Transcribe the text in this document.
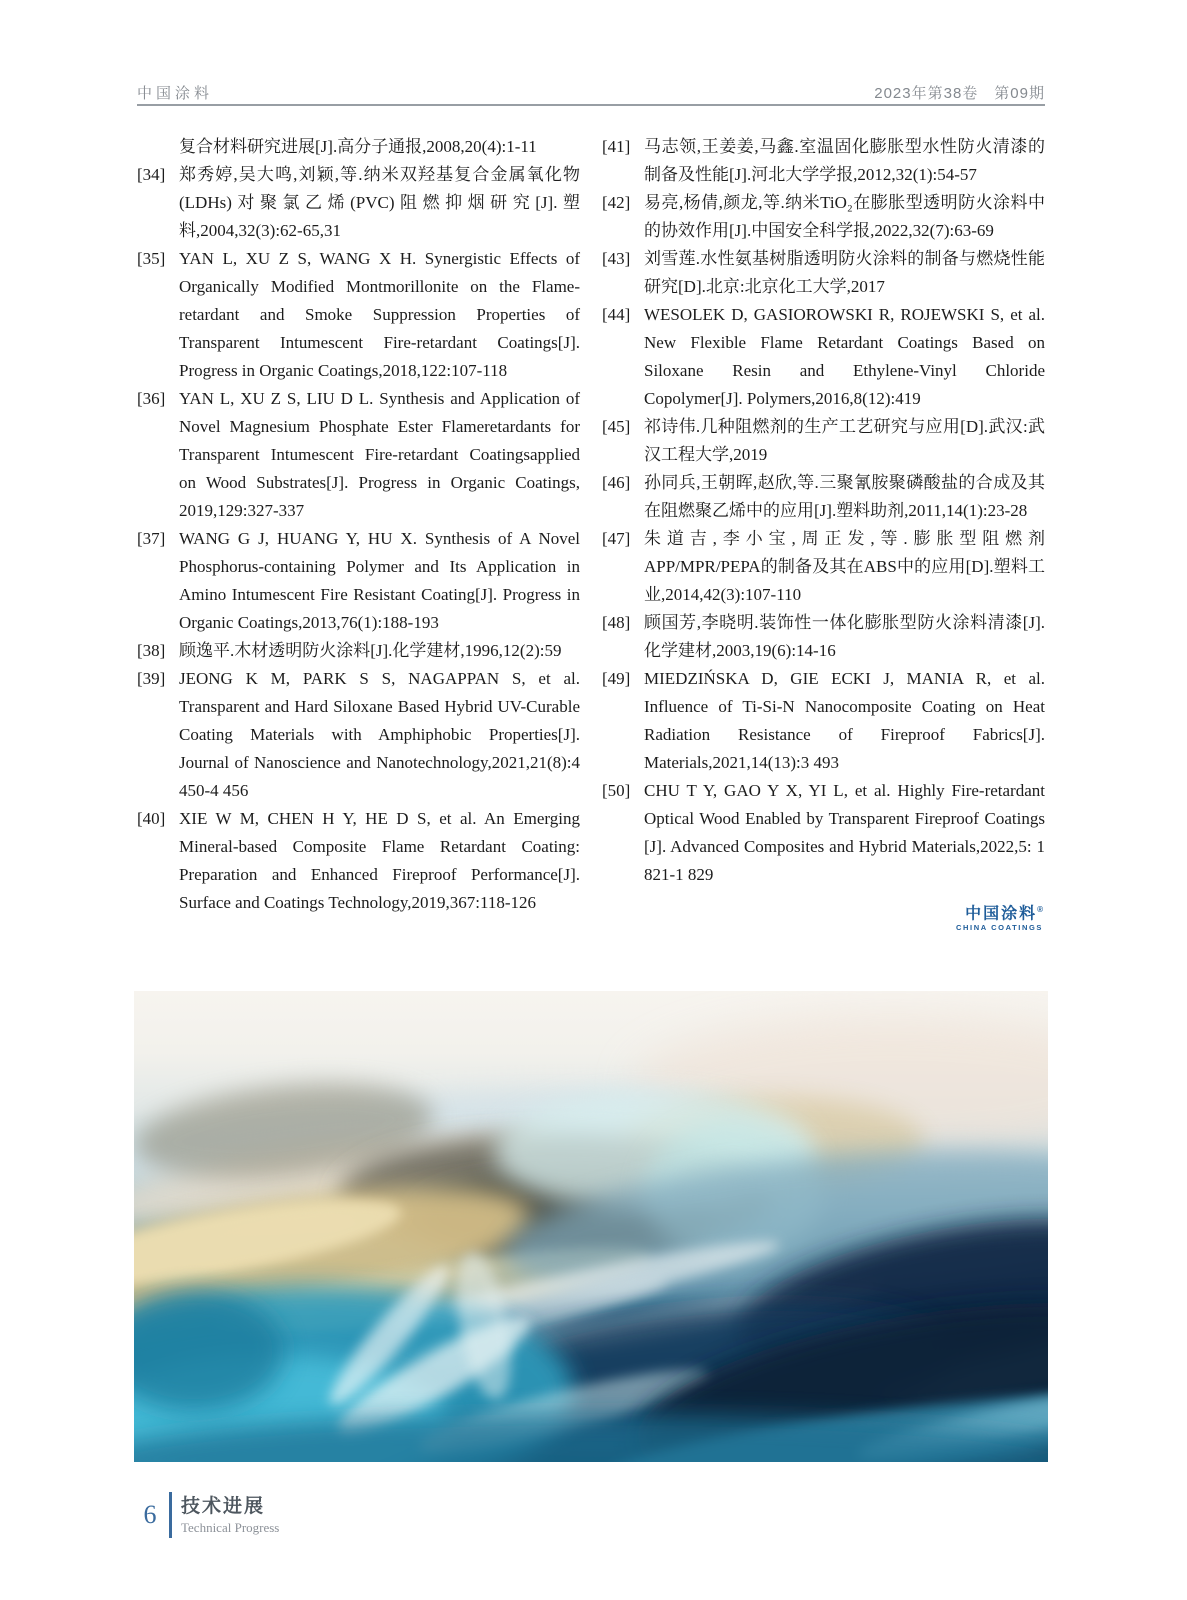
中国涂料	2023年第38卷　第09期
复合材料研究进展[J].高分子通报,2008,20(4):1-11
[34] 郑秀婷,吴大鸣,刘颖,等.纳米双羟基复合金属氧化物(LDHs)对聚氯乙烯(PVC)阻燃抑烟研究[J].塑料,2004,32(3):62-65,31
[35] YAN L, XU Z S, WANG X H. Synergistic Effects of Organically Modified Montmorillonite on the Flame-retardant and Smoke Suppression Properties of Transparent Intumescent Fire-retardant Coatings[J]. Progress in Organic Coatings,2018,122:107-118
[36] YAN L, XU Z S, LIU D L. Synthesis and Application of Novel Magnesium Phosphate Ester Flameretardants for Transparent Intumescent Fire-retardant Coatingsapplied on Wood Substrates[J]. Progress in Organic Coatings, 2019,129:327-337
[37] WANG G J, HUANG Y, HU X. Synthesis of A Novel Phosphorus-containing Polymer and Its Application in Amino Intumescent Fire Resistant Coating[J]. Progress in Organic Coatings,2013,76(1):188-193
[38] 顾逸平.木材透明防火涂料[J].化学建材,1996,12(2):59
[39] JEONG K M, PARK S S, NAGAPPAN S, et al. Transparent and Hard Siloxane Based Hybrid UV-Curable Coating Materials with Amphiphobic Properties[J]. Journal of Nanoscience and Nanotechnology,2021,21(8):4 450-4 456
[40] XIE W M, CHEN H Y, HE D S, et al. An Emerging Mineral-based Composite Flame Retardant Coating: Preparation and Enhanced Fireproof Performance[J]. Surface and Coatings Technology,2019,367:118-126
[41] 马志领,王姜姜,马鑫.室温固化膨胀型水性防火清漆的制备及性能[J].河北大学学报,2012,32(1):54-57
[42] 易亮,杨倩,颜龙,等.纳米TiO₂在膨胀型透明防火涂料中的协效作用[J].中国安全科学报,2022,32(7):63-69
[43] 刘雪莲.水性氨基树脂透明防火涂料的制备与燃烧性能研究[D].北京:北京化工大学,2017
[44] WESOLEK D, GASIOROWSKI R, ROJEWSKI S, et al. New Flexible Flame Retardant Coatings Based on Siloxane Resin and Ethylene-Vinyl Chloride Copolymer[J]. Polymers,2016,8(12):419
[45] 祁诗伟.几种阻燃剂的生产工艺研究与应用[D].武汉:武汉工程大学,2019
[46] 孙同兵,王朝晖,赵欣,等.三聚氰胺聚磷酸盐的合成及其在阻燃聚乙烯中的应用[J].塑料助剂,2011,14(1):23-28
[47] 朱道吉,李小宝,周正发,等.膨胀型阻燃剂APP/MPR/PEPA的制备及其在ABS中的应用[D].塑料工业,2014,42(3):107-110
[48] 顾国芳,李晓明.装饰性一体化膨胀型防火涂料清漆[J].化学建材,2003,19(6):14-16
[49] MIEDZIŃSKA D, GIE ECKI J, MANIA R, et al. Influence of Ti-Si-N Nanocomposite Coating on Heat Radiation Resistance of Fireproof Fabrics[J]. Materials,2021,14(13):3 493
[50] CHU T Y, GAO Y X, YI L, et al. Highly Fire-retardant Optical Wood Enabled by Transparent Fireproof Coatings [J]. Advanced Composites and Hybrid Materials,2022,5: 1 821-1 829
中国涂料®
CHINA COATINGS
6	技术进展
Technical Progress
